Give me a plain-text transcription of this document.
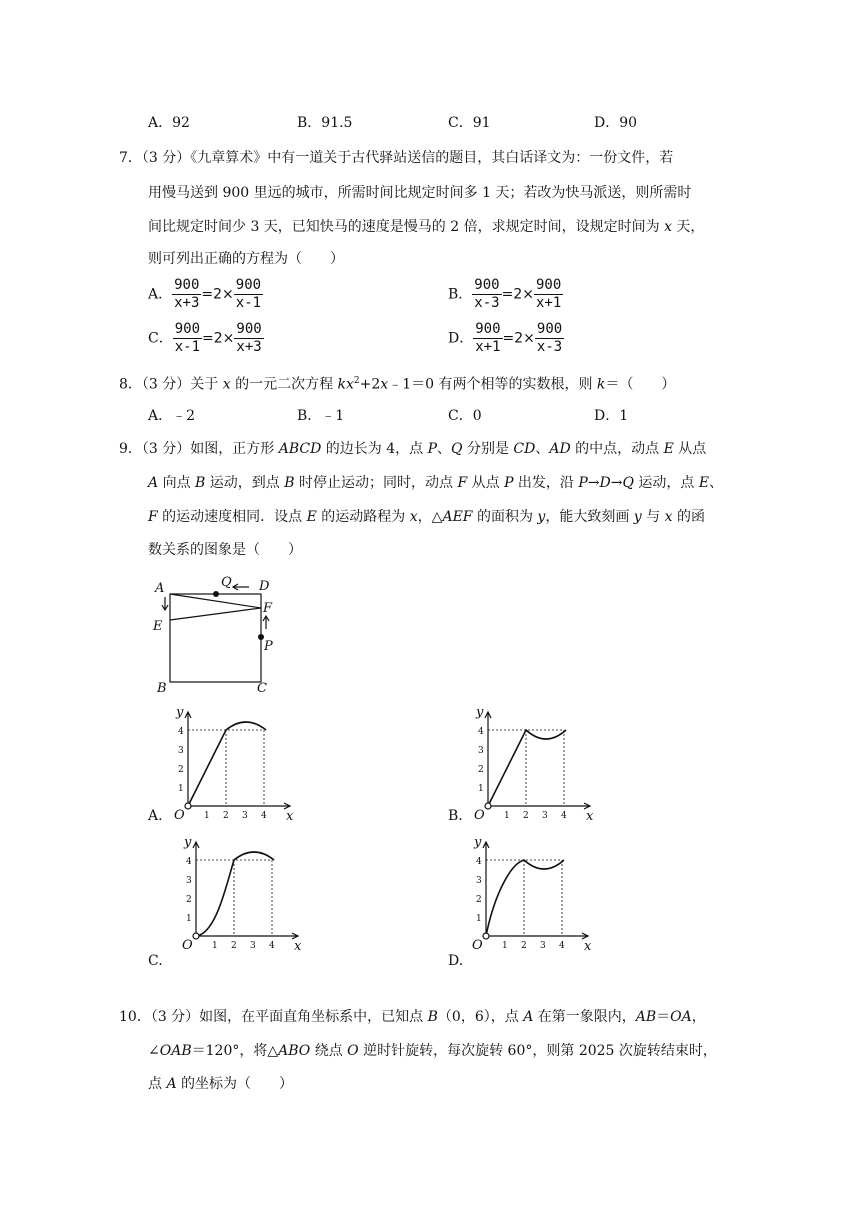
A．92	B．91.5	C．91	D．90
7．（3 分）《九章算术》中有一道关于古代驿站送信的题目，其白话译文为：一份文件，若
用慢马送到 900 里远的城市，所需时间比规定时间多 1 天；若改为快马派送，则所需时
间比规定时间少 3 天，已知快马的速度是慢马的 2 倍，求规定时间，设规定时间为 x 天，
则可列出正确的方程为（　　）
A． $\frac{900}{x+3} =2\times \frac{900}{x-1}$	B． $\frac{900}{x-3} =2\times \frac{900}{x+1}$
C． $\frac{900}{x-1} =2\times \frac{900}{x+3}$	D． $\frac{900}{x+1} =2\times \frac{900}{x-3}$
8．（3 分）关于 x 的一元二次方程 $kx^2+2x﹣1=0$ 有两个相等的实数根，则 k＝（　　）
A．﹣2	B．﹣1	C．0	D．1
9．（3 分）如图，正方形 ABCD 的边长为 4，点 P、Q 分别是 CD、AD 的中点，动点 E 从点
A 向点 B 运动，到点 B 时停止运动；同时，动点 F 从点 P 出发，沿 P→D→Q 运动，点 E、
F 的运动速度相同．设点 E 的运动路程为 x，△AEF 的面积为 y，能大致刻画 y 与 x 的函
数关系的图象是（　　）
A	Q D
F
E
P
B	C
A.	B.
C.	D.
1
2
3
4
1 2 3 4
y
x
O
1
2
3
4
1 2 3 4
y
x
O
1
2
3
4
1 2 3 4
y
x
O
1
2
3
4
1 2 3 4
y
x
O
10．（3 分）如图，在平面直角坐标系中，已知点 B（0，6），点 A 在第一象限内，AB＝OA，
∠OAB＝120°，将△ABO 绕点 O 逆时针旋转，每次旋转 60°，则第 2025 次旋转结束时，
点 A 的坐标为（　　）
